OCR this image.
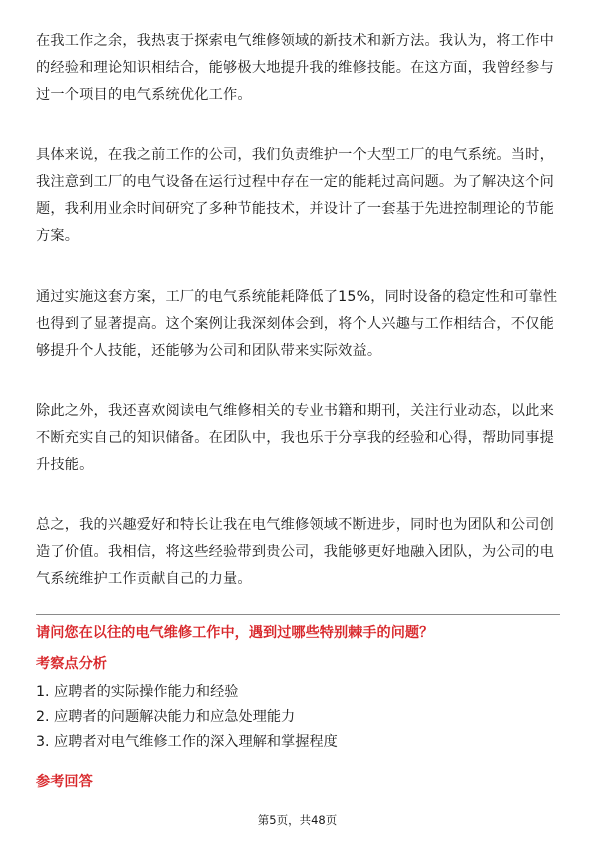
在我工作之余，我热衷于探索电气维修领域的新技术和新方法。我认为，将工作中的经验和理论知识相结合，能够极大地提升我的维修技能。在这方面，我曾经参与过一个项目的电气系统优化工作。

具体来说，在我之前工作的公司，我们负责维护一个大型工厂的电气系统。当时，我注意到工厂的电气设备在运行过程中存在一定的能耗过高问题。为了解决这个问题，我利用业余时间研究了多种节能技术，并设计了一套基于先进控制理论的节能方案。

通过实施这套方案，工厂的电气系统能耗降低了15%，同时设备的稳定性和可靠性也得到了显著提高。这个案例让我深刻体会到，将个人兴趣与工作相结合，不仅能够提升个人技能，还能够为公司和团队带来实际效益。

除此之外，我还喜欢阅读电气维修相关的专业书籍和期刊，关注行业动态，以此来不断充实自己的知识储备。在团队中，我也乐于分享我的经验和心得，帮助同事提升技能。

总之，我的兴趣爱好和特长让我在电气维修领域不断进步，同时也为团队和公司创造了价值。我相信，将这些经验带到贵公司，我能够更好地融入团队，为公司的电气系统维护工作贡献自己的力量。

请问您在以往的电气维修工作中，遇到过哪些特别棘手的问题？

考察点分析

1. 应聘者的实际操作能力和经验
2. 应聘者的问题解决能力和应急处理能力
3. 应聘者对电气维修工作的深入理解和掌握程度

参考回答

第5页，共48页
